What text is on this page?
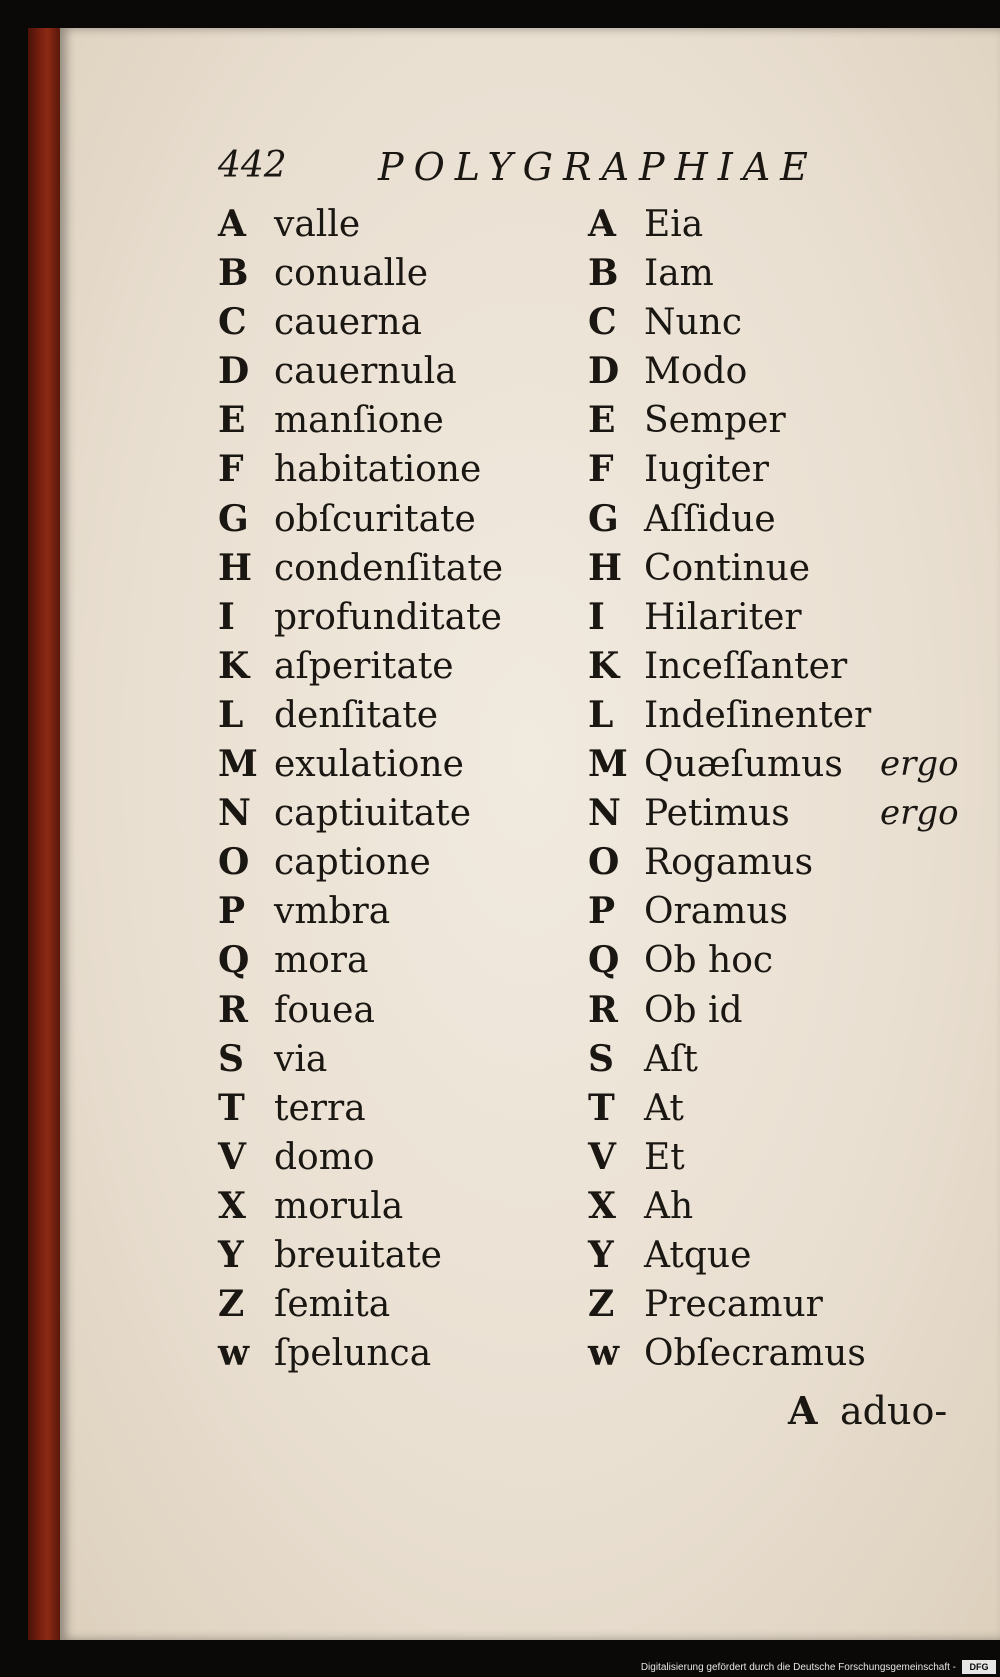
442 POLYGRAPHIAE
A valle
B conualle
C cauerna
D cauernula
E manſione
F habitatione
G obſcuritate
H condenſitate
I profunditate
K aſperitate
L denſitate
M exulatione
N captiuitate
O captione
P vmbra
Q mora
R fouea
S via
T terra
V domo
X morula
Y breuitate
Z ſemita
w ſpelunca
A Eia
B Iam
C Nunc
D Modo
E Semper
F Iugiter
G Aſſidue
H Continue
I Hilariter
K Inceſſanter
L Indeſinenter
M Quæſumus ergo
N Petimus	ergo
O Rogamus
P Oramus
Q Ob hoc
R Ob id
S Aſt
T At
V Et
X Ah
Y Atque
Z Precamur
w Obſecramus
A aduo-
Digitalisierung gefördert durch die Deutsche Forschungsgemeinschaft -	DFG
